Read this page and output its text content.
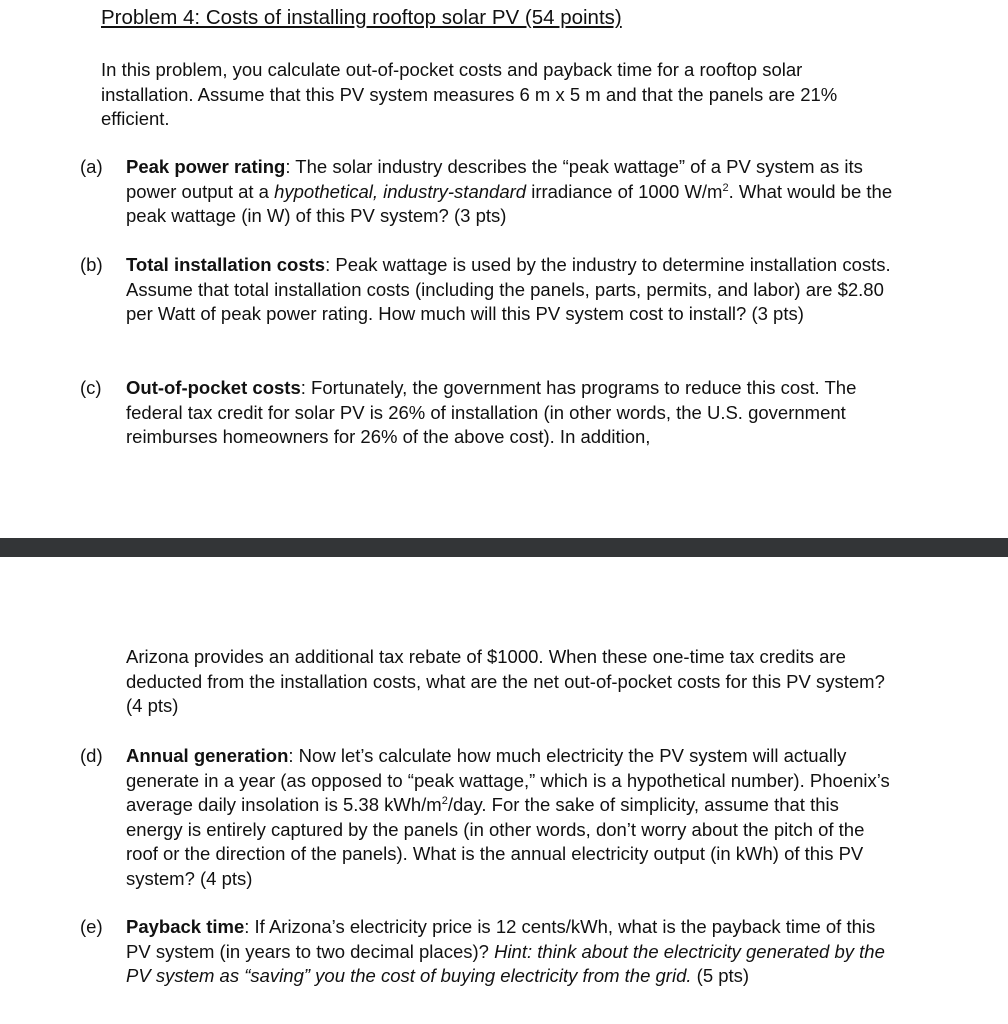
Problem 4: Costs of installing rooftop solar PV (54 points)
In this problem, you calculate out-of-pocket costs and payback time for a rooftop solar installation. Assume that this PV system measures 6 m x 5 m and that the panels are 21% efficient.
(a)	Peak power rating: The solar industry describes the “peak wattage” of a PV system as its power output at a hypothetical, industry-standard irradiance of 1000 $W/m^2$. What would be the peak wattage (in W) of this PV system? (3 pts)
(b)	Total installation costs: Peak wattage is used by the industry to determine installation costs. Assume that total installation costs (including the panels, parts, permits, and labor) are $2.80 per Watt of peak power rating. How much will this PV system cost to install? (3 pts)
(c)	Out-of-pocket costs: Fortunately, the government has programs to reduce this cost. The federal tax credit for solar PV is 26% of installation (in other words, the U.S. government reimburses homeowners for 26% of the above cost). In addition,
Arizona provides an additional tax rebate of $1000. When these one-time tax credits are deducted from the installation costs, what are the net out-of-pocket costs for this PV system? (4 pts)
(d)	Annual generation: Now let’s calculate how much electricity the PV system will actually generate in a year (as opposed to “peak wattage,” which is a hypothetical number). Phoenix’s average daily insolation is 5.38 kWh/$m^2$/day. For the sake of simplicity, assume that this energy is entirely captured by the panels (in other words, don’t worry about the pitch of the roof or the direction of the panels). What is the annual electricity output (in kWh) of this PV system? (4 pts)
(e)	Payback time: If Arizona’s electricity price is 12 cents/kWh, what is the payback time of this PV system (in years to two decimal places)? Hint: think about the electricity generated by the PV system as “saving” you the cost of buying electricity from the grid. (5 pts)
